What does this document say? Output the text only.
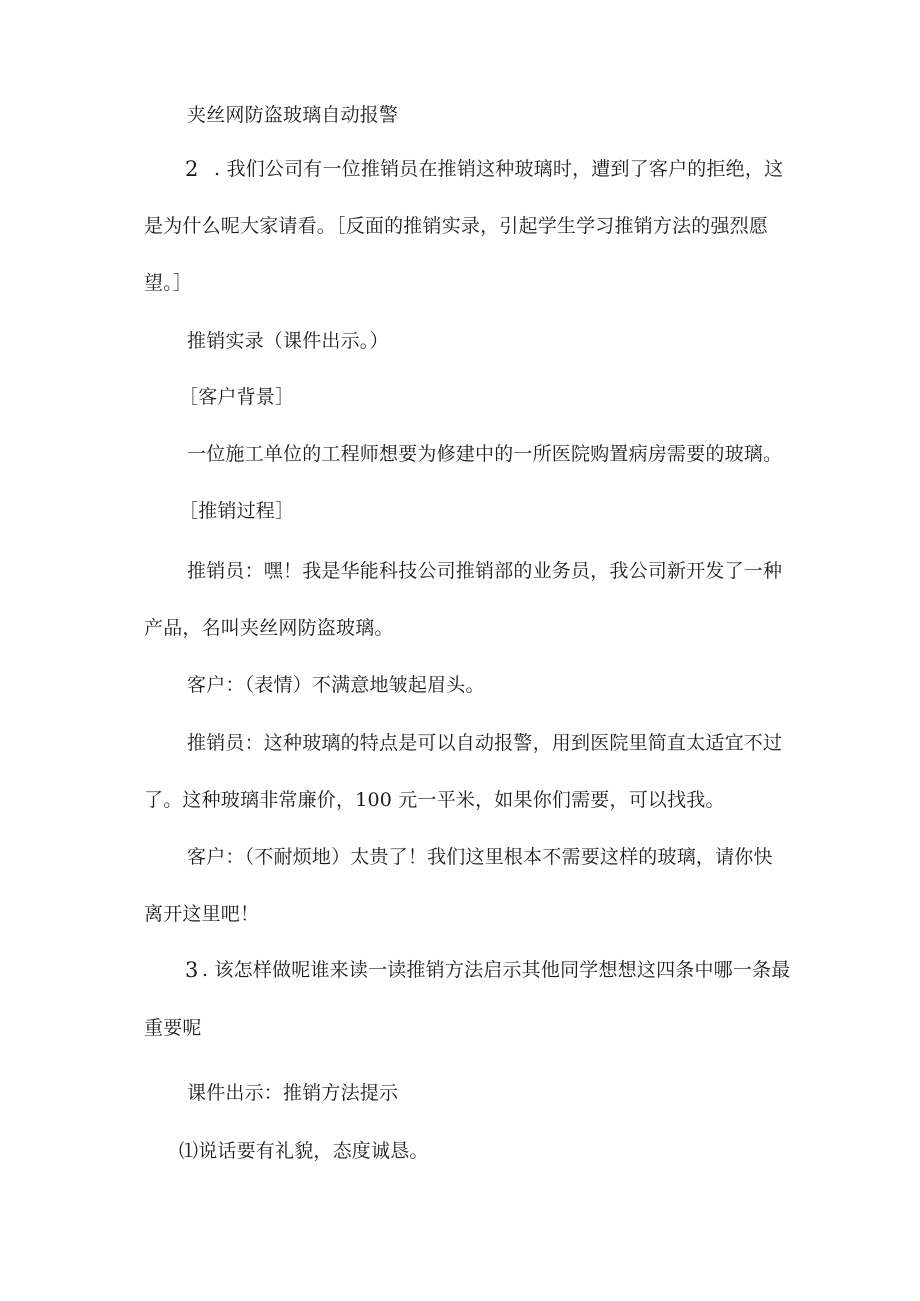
夹丝网防盗玻璃自动报警

2 . 我们公司有一位推销员在推销这种玻璃时，遭到了客户的拒绝，这

是为什么呢大家请看。［反面的推销实录，引起学生学习推销方法的强烈愿

望。］

推销实录（课件出示。）

［客户背景］

一位施工单位的工程师想要为修建中的一所医院购置病房需要的玻璃。

［推销过程］

推销员：嘿！我是华能科技公司推销部的业务员，我公司新开发了一种

产品，名叫夹丝网防盗玻璃。

客户：（表情）不满意地皱起眉头。

推销员：这种玻璃的特点是可以自动报警，用到医院里简直太适宜不过

了。这种玻璃非常廉价，100 元一平米，如果你们需要，可以找我。

客户：（不耐烦地）太贵了！我们这里根本不需要这样的玻璃，请你快

离开这里吧！

3 . 该怎样做呢谁来读一读推销方法启示其他同学想想这四条中哪一条最

重要呢

课件出示：推销方法提示

⑴说话要有礼貌，态度诚恳。
